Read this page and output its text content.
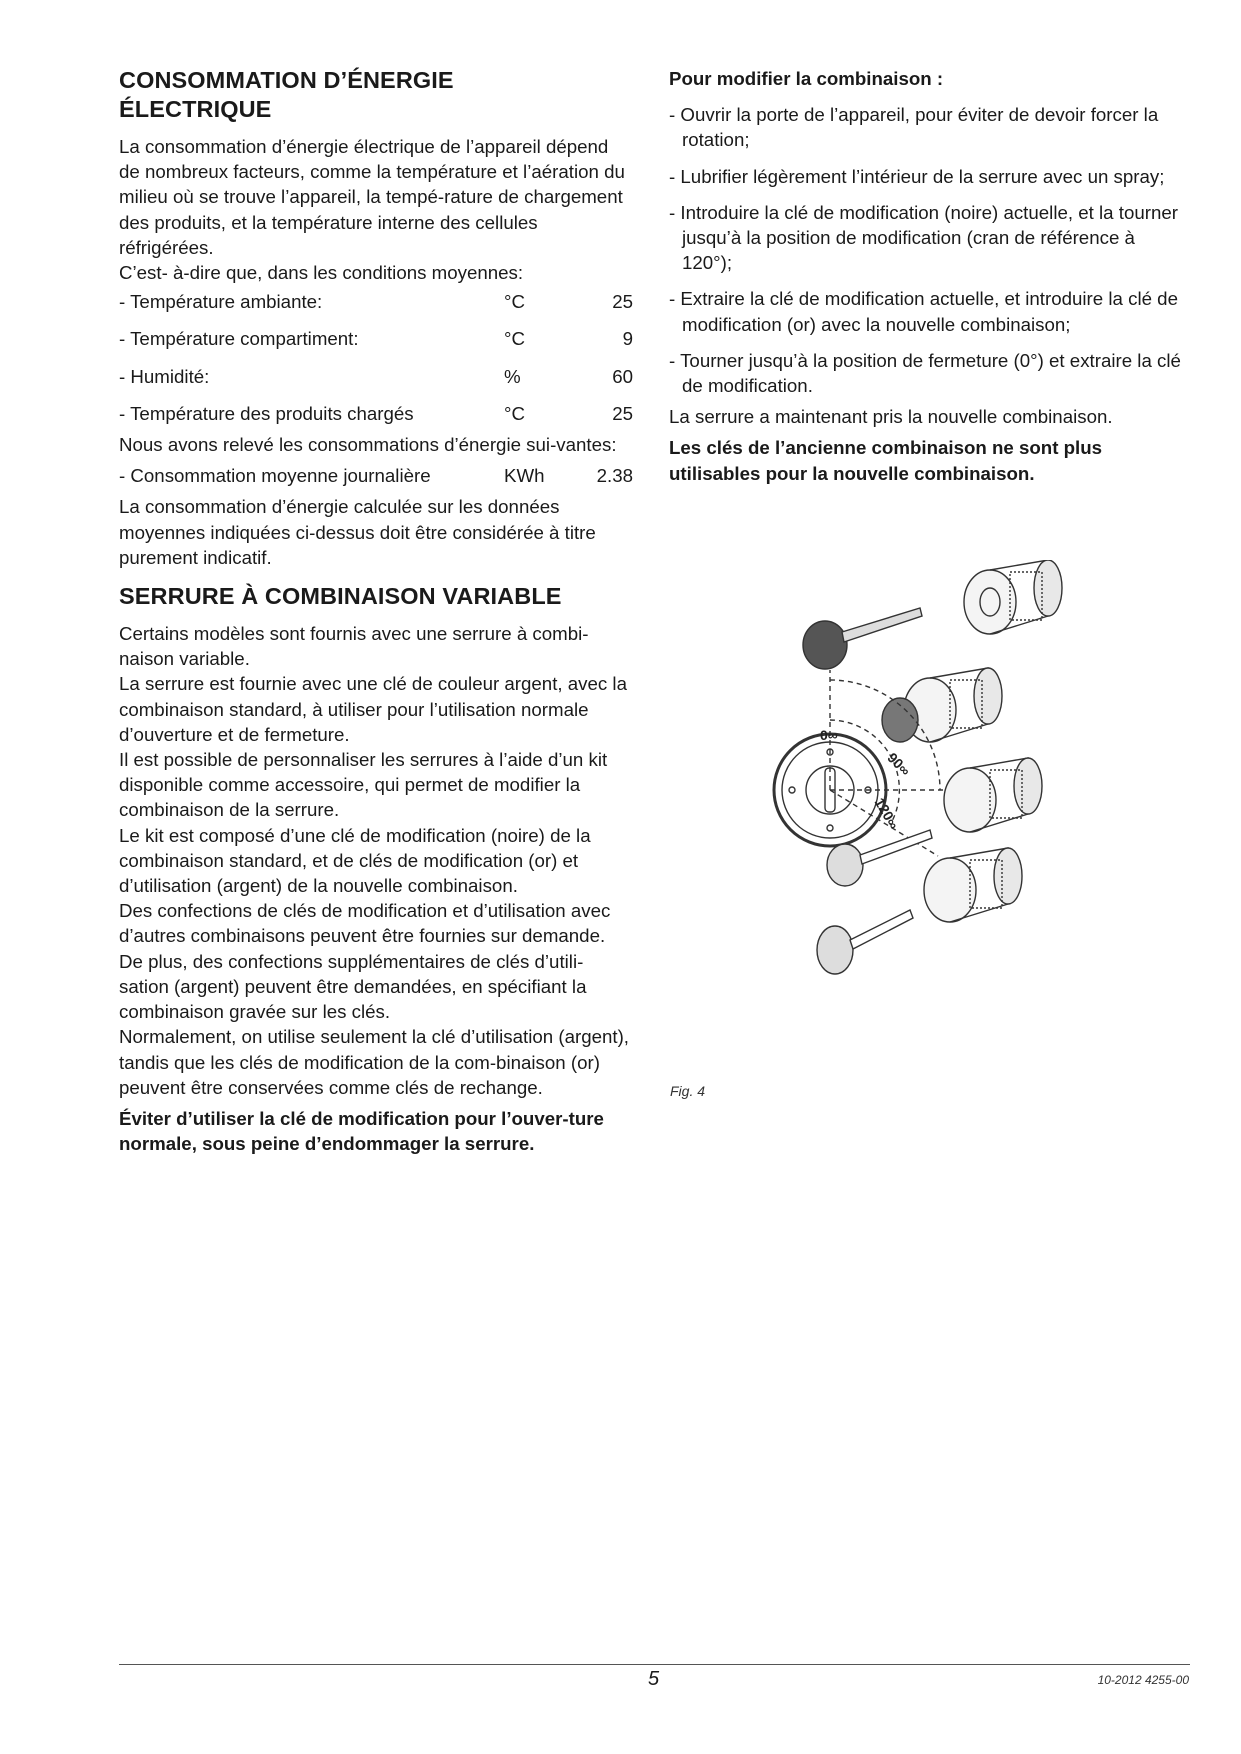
CONSOMMATION D’ÉNERGIE ÉLECTRIQUE

La consommation d’énergie électrique de l’appareil dépend de nombreux facteurs, comme la température et l’aération du milieu où se trouve l’appareil, la tempé-rature de chargement des produits, et la température interne des cellules réfrigérées.

C’est- à-dire que, dans les conditions moyennes:

- Température ambiante:	°C	25
- Température compartiment:	°C	9
- Humidité:	%	60
- Température des produits chargés	°C	25

Nous avons relevé les consommations d’énergie sui-vantes:

- Consommation moyenne journalière	KWh	2.38

La consommation d’énergie calculée sur les données moyennes indiquées ci-dessus doit être considérée à titre purement indicatif.

SERRURE À COMBINAISON VARIABLE

Certains modèles sont fournis avec une serrure à combi-naison variable.

La serrure est fournie avec une clé de couleur argent, avec la combinaison standard, à utiliser pour l’utilisation normale d’ouverture et de fermeture.

Il est possible de personnaliser les serrures à l’aide d’un kit disponible comme accessoire, qui permet de modifier la combinaison de la serrure.

Le kit est composé d’une clé de modification (noire) de la combinaison standard, et de clés de modification (or) et d’utilisation (argent) de la nouvelle combinaison.

Des confections de clés de modification et d’utilisation avec d’autres combinaisons peuvent être fournies sur demande.

De plus, des confections supplémentaires de clés d’utili-sation (argent) peuvent être demandées, en spécifiant la combinaison gravée sur les clés.

Normalement, on utilise seulement la clé d’utilisation (argent), tandis que les clés de modification de la com-binaison (or) peuvent être conservées comme clés de rechange.

Éviter d’utiliser la clé de modification pour l’ouver-ture normale, sous peine d’endommager la serrure.

Pour modifier la combinaison :

- Ouvrir la porte de l’appareil, pour éviter de devoir forcer la rotation;
- Lubrifier légèrement l’intérieur de la serrure avec un spray;
- Introduire la clé de modification (noire) actuelle, et la tourner jusqu’à la position de modification (cran de référence à 120°);
- Extraire la clé de modification actuelle, et introduire la clé de modification (or) avec la nouvelle combinaison;
- Tourner jusqu’à la position de fermeture (0°) et extraire la clé de modification.

La serrure a maintenant pris la nouvelle combinaison.

Les clés de l’ancienne combinaison ne sont plus utilisables pour la nouvelle combinaison.

0∞
90∞
120∞
Fig. 4
5	10-2012 4255-00
